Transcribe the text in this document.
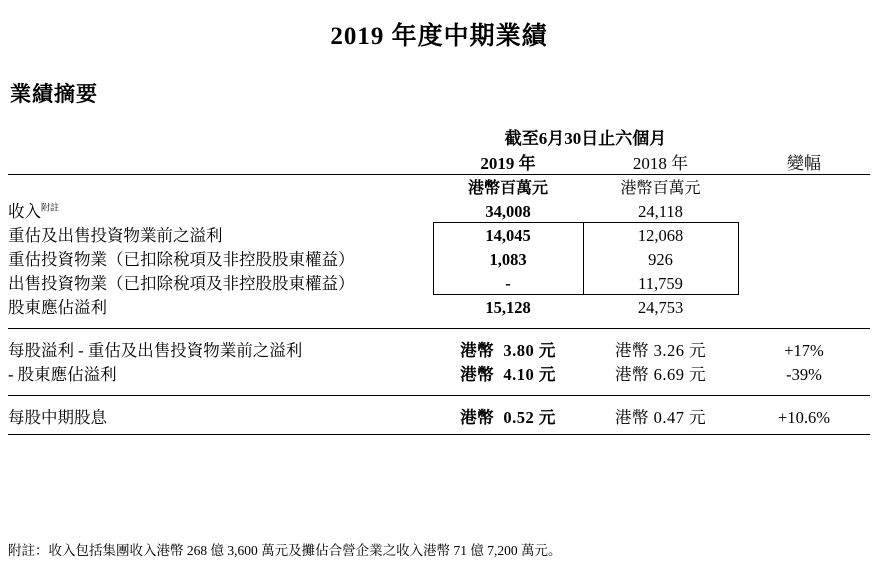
2019 年度中期業績
業績摘要
	截至6月30日止六個月		
	2019 年	2018 年	變幅
	港幣百萬元	港幣百萬元	
收入$^{附註}$	34,008	24,118	
重估及出售投資物業前之溢利	14,045	12,068	
重估投資物業（已扣除稅項及非控股股東權益）	1,083	926	
出售投資物業（已扣除稅項及非控股股東權益）	-	11,759	
股東應佔溢利	15,128	24,753	

每股溢利 - 重估及出售投資物業前之溢利	港幣 3.80 元	港幣 3.26 元	+17%
- 股東應佔溢利	港幣 4.10 元	港幣 6.69 元	-39%

每股中期股息	港幣 0.52 元	港幣 0.47 元	+10.6%

附註：收入包括集團收入港幣 268 億 3,600 萬元及攤佔合營企業之收入港幣 71 億 7,200 萬元。
